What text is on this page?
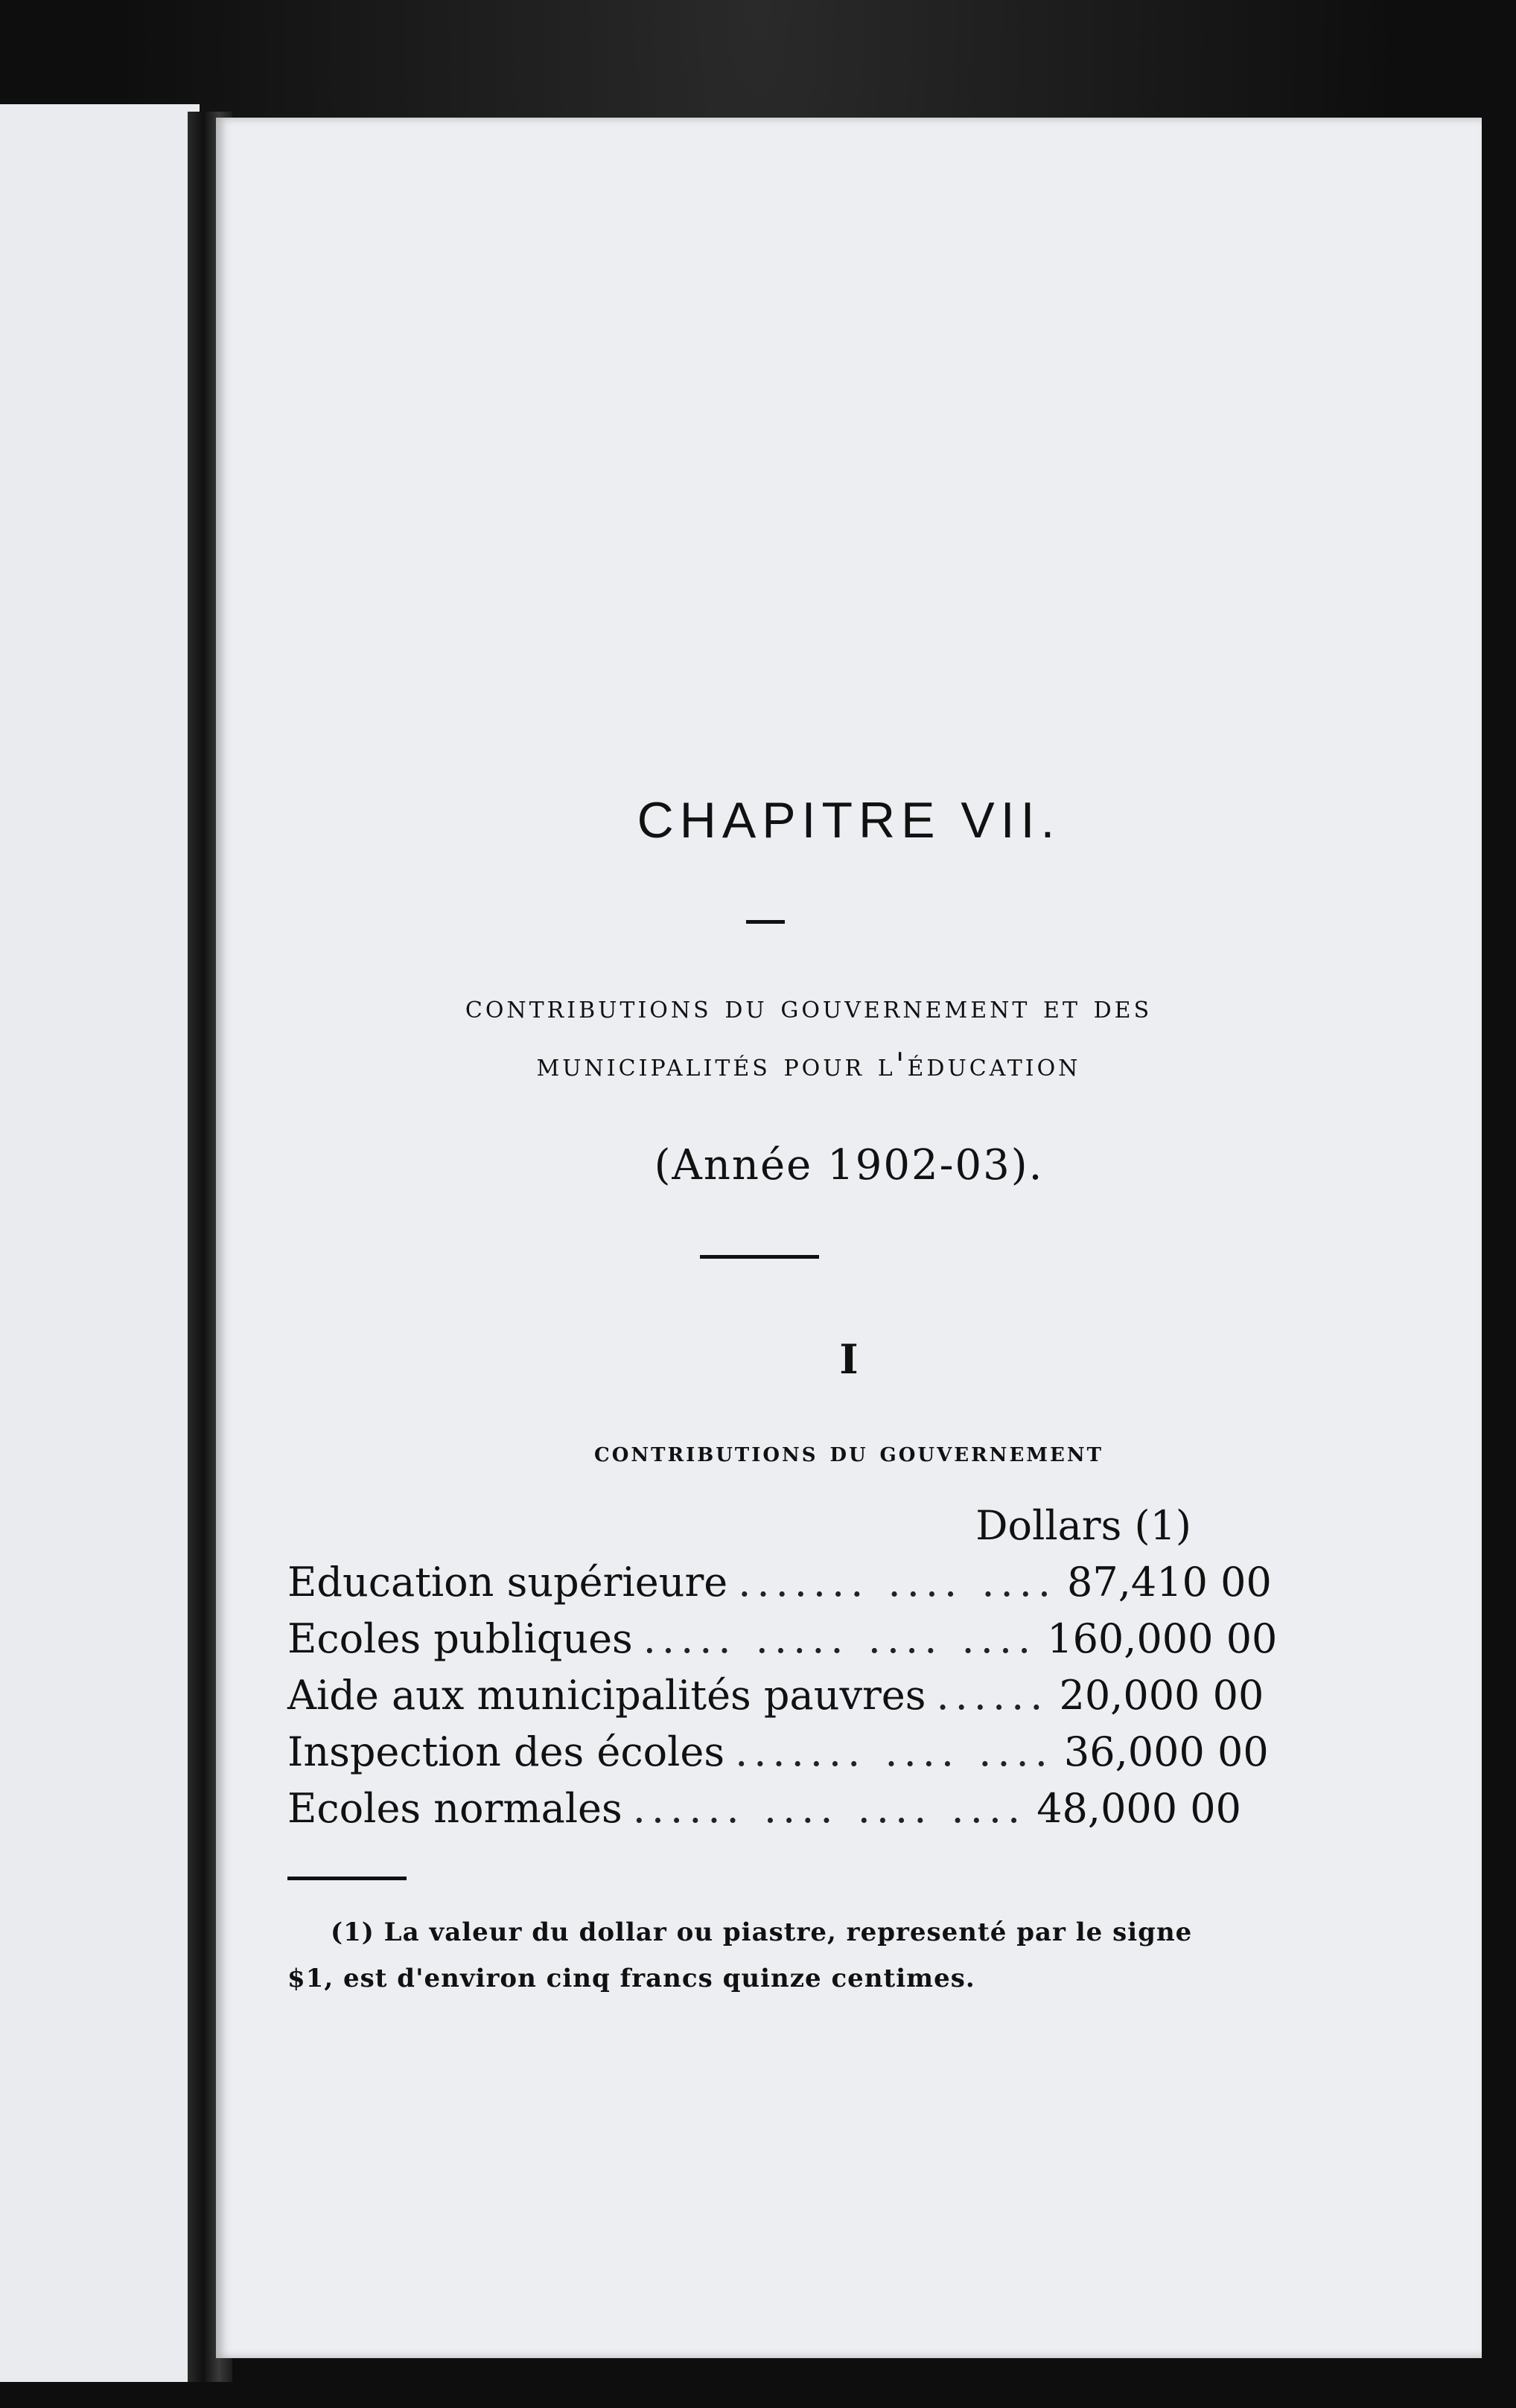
CHAPITRE VII.
contributions du gouvernement et des
municipalités pour l'éducation
(Année 1902-03).
I
contributions du gouvernement
Dollars (1)
Education supérieure ....... .... .... 87,410 00
Ecoles publiques ..... ..... .... .... 160,000 00
Aide aux municipalités pauvres ...... 20,000 00
Inspection des écoles ....... .... .... 36,000 00
Ecoles normales ...... .... .... .... 48,000 00
(1) La valeur du dollar ou piastre, representé par le signe
$1, est d'environ cinq francs quinze centimes.
